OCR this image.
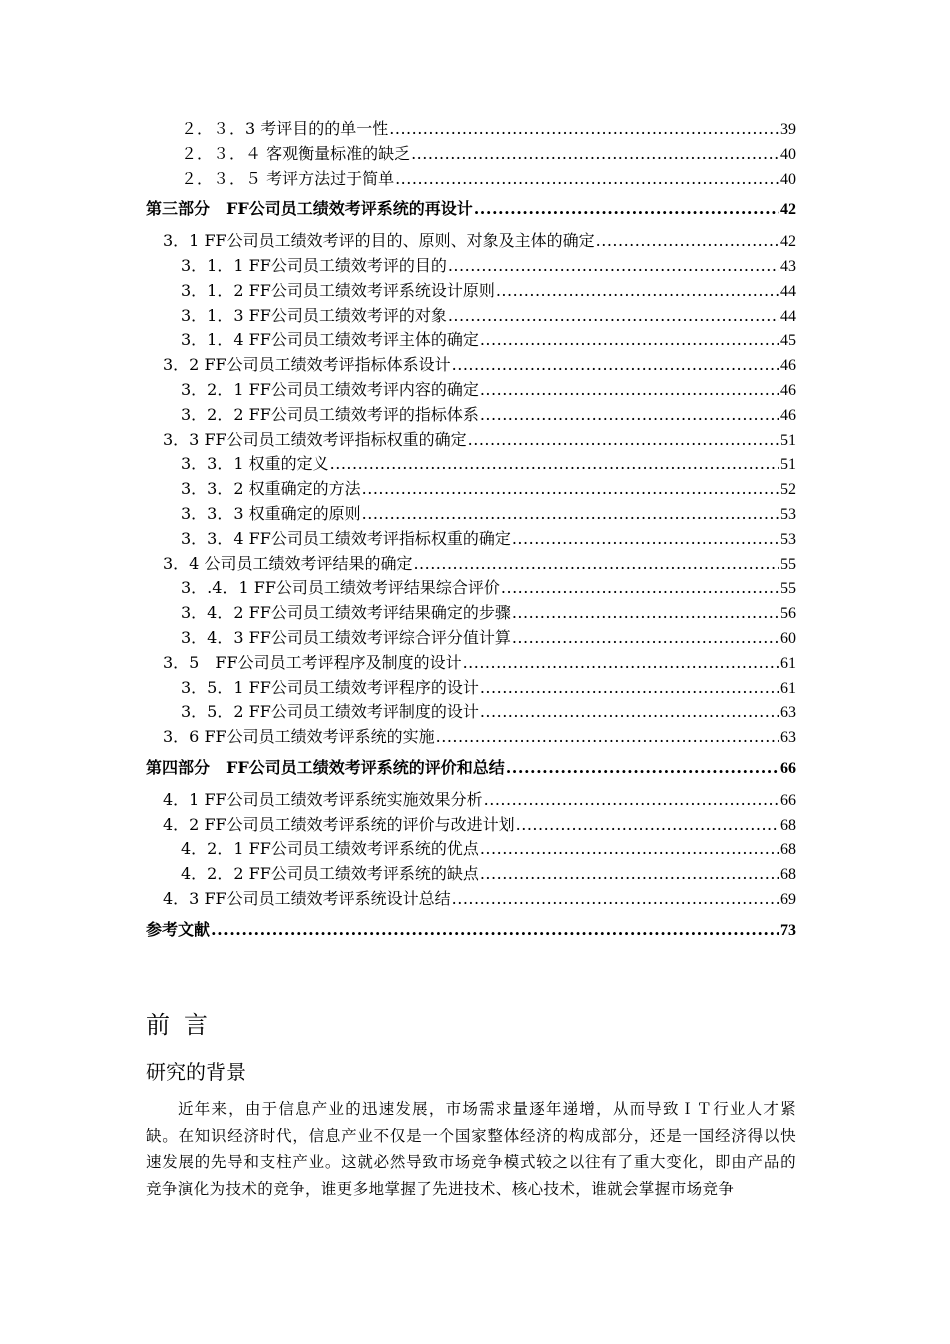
２．３．3 考评目的的单一性 .....	39
２．３．４ 客观衡量标准的缺乏 .....	40
２．３．５ 考评方法过于简单 .....	40
第三部分　FF公司员工绩效考评系统的再设计 .....	42
3．1 FF公司员工绩效考评的目的、原则、对象及主体的确定 .....	42
3．1．1 FF公司员工绩效考评的目的 .....	43
3．1．2 FF公司员工绩效考评系统设计原则 .....	44
3．1．3 FF公司员工绩效考评的对象 .....	44
3．1．4 FF公司员工绩效考评主体的确定 .....	45
3．2 FF公司员工绩效考评指标体系设计 .....	46
3．2．1 FF公司员工绩效考评内容的确定 .....	46
3．2．2 FF公司员工绩效考评的指标体系 .....	46
3．3 FF公司员工绩效考评指标权重的确定 .....	51
3．3．1 权重的定义 .....	51
3．3．2 权重确定的方法 .....	52
3．3．3 权重确定的原则 .....	53
3．3．4 FF公司员工绩效考评指标权重的确定 .....	53
3．4 公司员工绩效考评结果的确定 .....	55
3．.4．1 FF公司员工绩效考评结果综合评价 .....	55
3．4．2 FF公司员工绩效考评结果确定的步骤 .....	56
3．4．3 FF公司员工绩效考评综合评分值计算 .....	60
3．5　FF公司员工考评程序及制度的设计 .....	61
3．5．1 FF公司员工绩效考评程序的设计 .....	61
3．5．2 FF公司员工绩效考评制度的设计 .....	63
3．6 FF公司员工绩效考评系统的实施 .....	63
第四部分　FF公司员工绩效考评系统的评价和总结 .....	66
4．1 FF公司员工绩效考评系统实施效果分析 .....	66
4．2 FF公司员工绩效考评系统的评价与改进计划 .....	68
4．2．1 FF公司员工绩效考评系统的优点 .....	68
4．2．2 FF公司员工绩效考评系统的缺点 .....	68
4．3 FF公司员工绩效考评系统设计总结 .....	69
参考文献 .....	73
前言
研究的背景
近年来，由于信息产业的迅速发展，市场需求量逐年递增，从而导致ＩＴ行业人才紧缺。在知识经济时代，信息产业不仅是一个国家整体经济的构成部分，还是一国经济得以快速发展的先导和支柱产业。这就必然导致市场竞争模式较之以往有了重大变化，即由产品的竞争演化为技术的竞争，谁更多地掌握了先进技术、核心技术，谁就会掌握市场竞争
